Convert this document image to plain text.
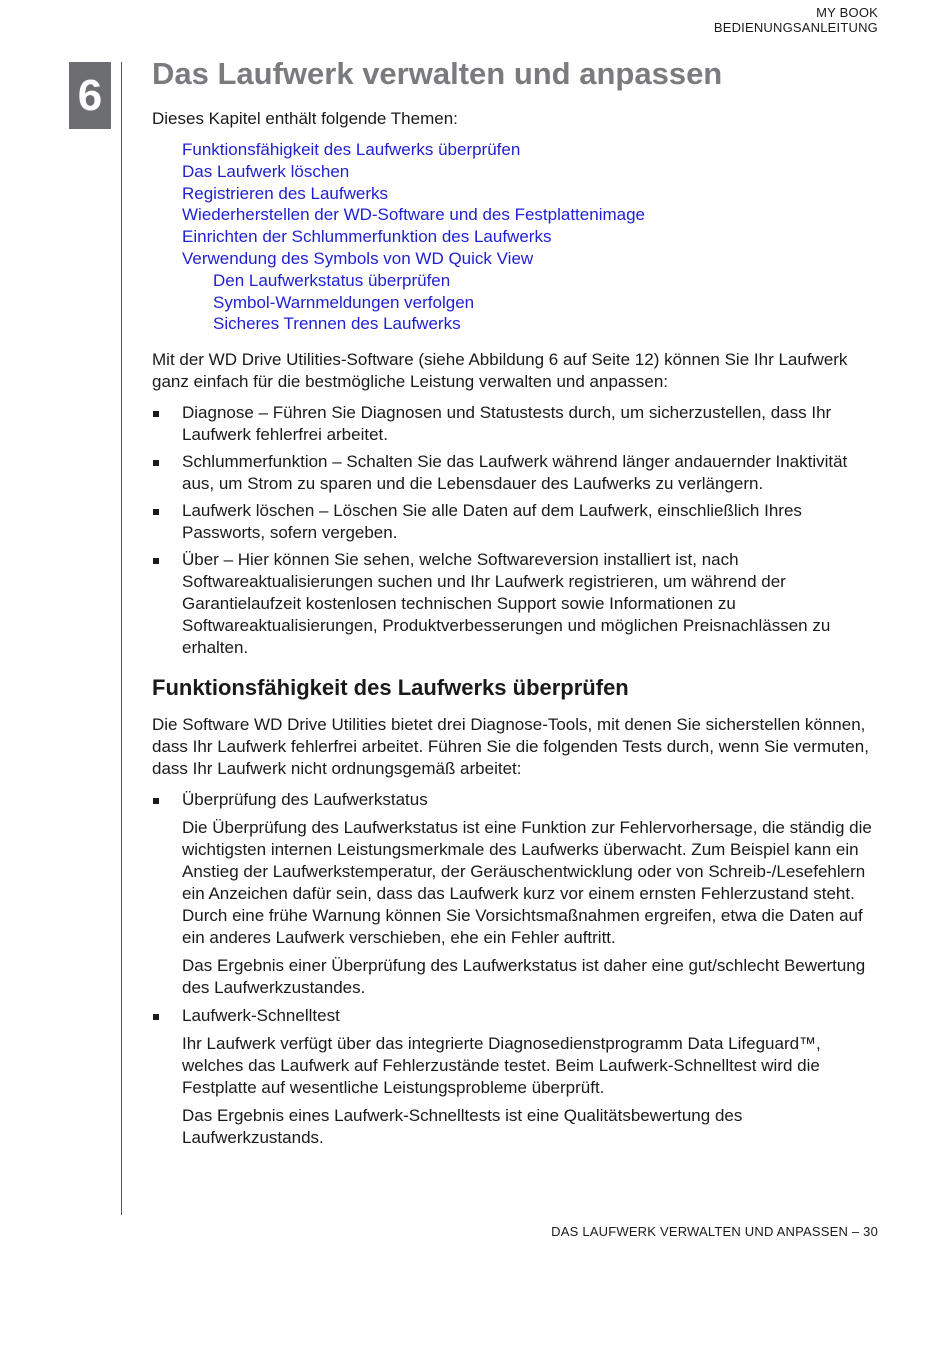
MY BOOK
BEDIENUNGSANLEITUNG
6 Das Laufwerk verwalten und anpassen

Dieses Kapitel enthält folgende Themen:

Funktionsfähigkeit des Laufwerks überprüfen
Das Laufwerk löschen
Registrieren des Laufwerks
Wiederherstellen der WD-Software und des Festplattenimage
Einrichten der Schlummerfunktion des Laufwerks
Verwendung des Symbols von WD Quick View
Den Laufwerkstatus überprüfen
Symbol-Warnmeldungen verfolgen
Sicheres Trennen des Laufwerks

Mit der WD Drive Utilities-Software (siehe Abbildung 6 auf Seite 12) können Sie Ihr Laufwerk ganz einfach für die bestmögliche Leistung verwalten und anpassen:

Diagnose – Führen Sie Diagnosen und Statustests durch, um sicherzustellen, dass Ihr Laufwerk fehlerfrei arbeitet.
Schlummerfunktion – Schalten Sie das Laufwerk während länger andauernder Inaktivität aus, um Strom zu sparen und die Lebensdauer des Laufwerks zu verlängern.
Laufwerk löschen – Löschen Sie alle Daten auf dem Laufwerk, einschließlich Ihres Passworts, sofern vergeben.
Über – Hier können Sie sehen, welche Softwareversion installiert ist, nach Softwareaktualisierungen suchen und Ihr Laufwerk registrieren, um während der Garantielaufzeit kostenlosen technischen Support sowie Informationen zu Softwareaktualisierungen, Produktverbesserungen und möglichen Preisnachlässen zu erhalten.
Funktionsfähigkeit des Laufwerks überprüfen

Die Software WD Drive Utilities bietet drei Diagnose-Tools, mit denen Sie sicherstellen können, dass Ihr Laufwerk fehlerfrei arbeitet. Führen Sie die folgenden Tests durch, wenn Sie vermuten, dass Ihr Laufwerk nicht ordnungsgemäß arbeitet:

Überprüfung des Laufwerkstatus

Die Überprüfung des Laufwerkstatus ist eine Funktion zur Fehlervorhersage, die ständig die wichtigsten internen Leistungsmerkmale des Laufwerks überwacht. Zum Beispiel kann ein Anstieg der Laufwerkstemperatur, der Geräuschentwicklung oder von Schreib-/Lesefehlern ein Anzeichen dafür sein, dass das Laufwerk kurz vor einem ernsten Fehlerzustand steht. Durch eine frühe Warnung können Sie Vorsichtsmaßnahmen ergreifen, etwa die Daten auf ein anderes Laufwerk verschieben, ehe ein Fehler auftritt.

Das Ergebnis einer Überprüfung des Laufwerkstatus ist daher eine gut/schlecht Bewertung des Laufwerkzustandes.

Laufwerk-Schnelltest

Ihr Laufwerk verfügt über das integrierte Diagnosedienstprogramm Data Lifeguard™, welches das Laufwerk auf Fehlerzustände testet. Beim Laufwerk-Schnelltest wird die Festplatte auf wesentliche Leistungsprobleme überprüft.

Das Ergebnis eines Laufwerk-Schnelltests ist eine Qualitätsbewertung des Laufwerkzustands.

DAS LAUFWERK VERWALTEN UND ANPASSEN – 30
